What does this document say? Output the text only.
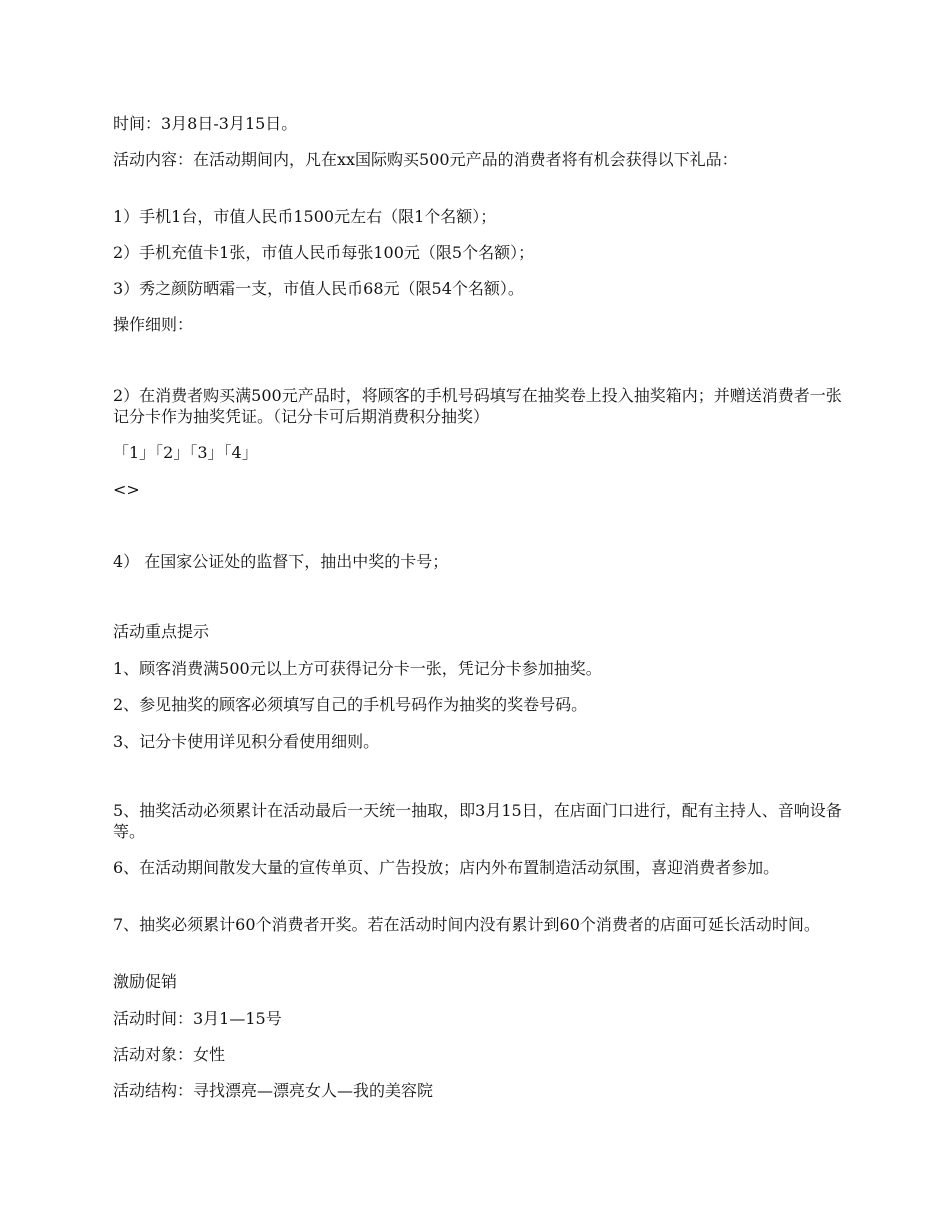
时间：3月8日-3月15日。
活动内容：在活动期间内，凡在xx国际购买500元产品的消费者将有机会获得以下礼品：
1）手机1台，市值人民币1500元左右（限1个名额）；
2）手机充值卡1张，市值人民币每张100元（限5个名额）；
3）秀之颜防晒霜一支，市值人民币68元（限54个名额）。
操作细则：
2）在消费者购买满500元产品时，将顾客的手机号码填写在抽奖卷上投入抽奖箱内；并赠送消费者一张记分卡作为抽奖凭证。（记分卡可后期消费积分抽奖）
「1」「2」「3」「4」
<>
4） 在国家公证处的监督下，抽出中奖的卡号；
活动重点提示
1、顾客消费满500元以上方可获得记分卡一张，凭记分卡参加抽奖。
2、参见抽奖的顾客必须填写自己的手机号码作为抽奖的奖卷号码。
3、记分卡使用详见积分看使用细则。
5、抽奖活动必须累计在活动最后一天统一抽取，即3月15日，在店面门口进行，配有主持人、音响设备等。
6、在活动期间散发大量的宣传单页、广告投放；店内外布置制造活动氛围，喜迎消费者参加。
7、抽奖必须累计60个消费者开奖。若在活动时间内没有累计到60个消费者的店面可延长活动时间。
激励促销
活动时间：3月1—15号
活动对象：女性
活动结构：寻找漂亮—漂亮女人—我的美容院
